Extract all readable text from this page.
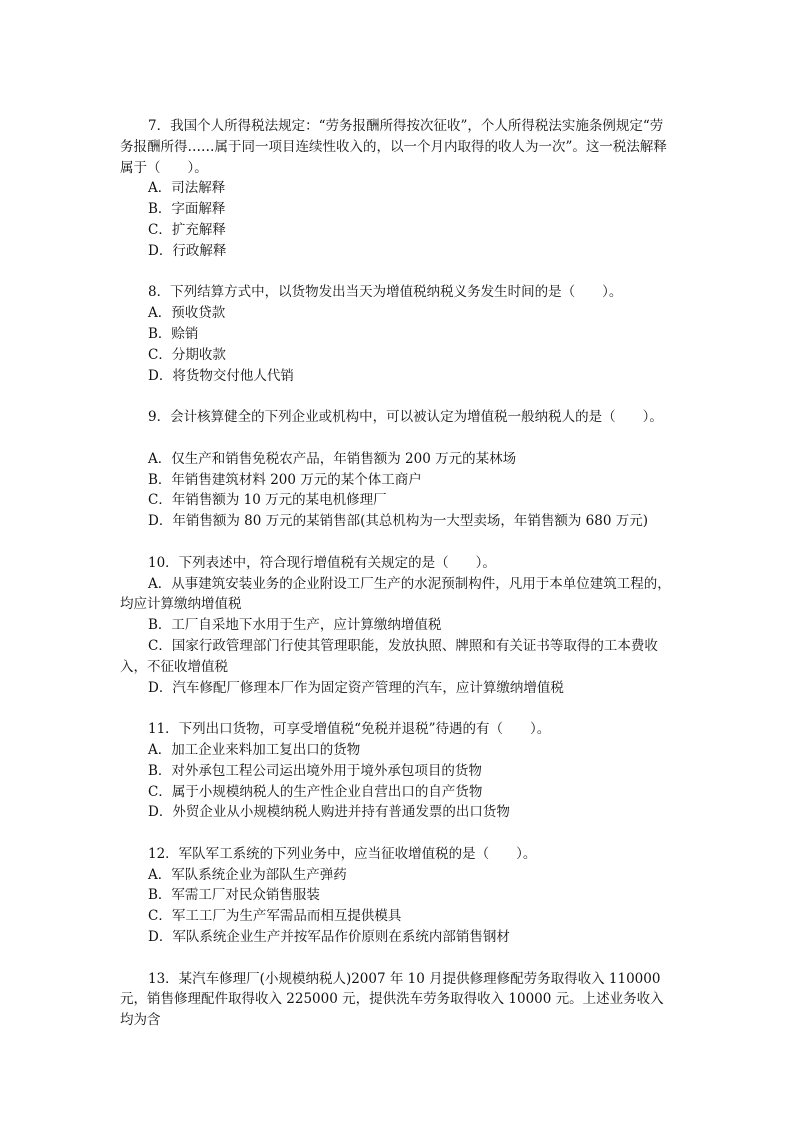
7．我国个人所得税法规定：“劳务报酬所得按次征收”，个人所得税法实施条例规定“劳务报酬所得……属于同一项目连续性收入的，以一个月内取得的收人为一次”。这一税法解释属于（　　）。

A．司法解释

B．字面解释

C．扩充解释

D．行政解释

8．下列结算方式中，以货物发出当天为增值税纳税义务发生时间的是（　　）。

A．预收贷款

B．赊销

C．分期收款

D．将货物交付他人代销

9．会计核算健全的下列企业或机构中，可以被认定为增值税一般纳税人的是（　　）。

A．仅生产和销售免税农产品，年销售额为 200 万元的某林场

B．年销售建筑材料 200 万元的某个体工商户

C．年销售额为 10 万元的某电机修理厂

D．年销售额为 80 万元的某销售部(其总机构为一大型卖场，年销售额为 680 万元)

10．下列表述中，符合现行增值税有关规定的是（　　）。

A．从事建筑安装业务的企业附设工厂生产的水泥预制构件，凡用于本单位建筑工程的，均应计算缴纳增值税

B．工厂自采地下水用于生产，应计算缴纳增值税

C．国家行政管理部门行使其管理职能，发放执照、牌照和有关证书等取得的工本费收入，不征收增值税

D．汽车修配厂修理本厂作为固定资产管理的汽车，应计算缴纳增值税

11．下列出口货物，可享受增值税“免税并退税”待遇的有（　　）。

A．加工企业来料加工复出口的货物

B．对外承包工程公司运出境外用于境外承包项目的货物

C．属于小规模纳税人的生产性企业自营出口的自产货物

D．外贸企业从小规模纳税人购进并持有普通发票的出口货物

12．军队军工系统的下列业务中，应当征收增值税的是（　　）。

A．军队系统企业为部队生产弹药

B．军需工厂对民众销售服装

C．军工工厂为生产军需品而相互提供模具

D．军队系统企业生产并按军品作价原则在系统内部销售钢材

13．某汽车修理厂(小规模纳税人)2007 年 10 月提供修理修配劳务取得收入 110000 元，销售修理配件取得收入 225000 元，提供洗车劳务取得收入 10000 元。上述业务收入均为含
